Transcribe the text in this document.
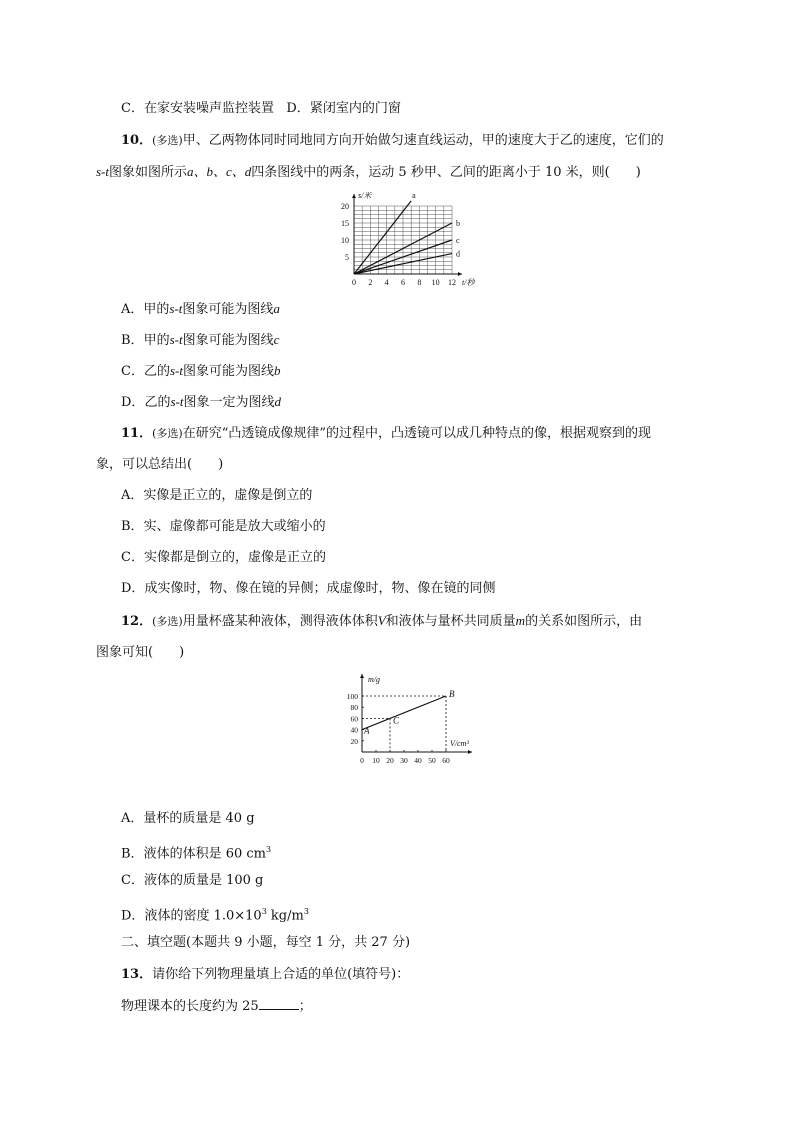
C．在家安装噪声监控装置 D．紧闭室内的门窗
10．(多选)甲、乙两物体同时同地同方向开始做匀速直线运动，甲的速度大于乙的速度，它们的
s-t图象如图所示a、b、c、d四条图线中的两条，运动 5 秒甲、乙间的距离小于 10 米，则(　　)
a
b
c
d
0 2 4 6 8 10 12
5
10
15
20
t/秒
s/米
A．甲的s-t图象可能为图线a
B．甲的s-t图象可能为图线c
C．乙的s-t图象可能为图线b
D．乙的s-t图象一定为图线d
11．(多选)在研究“凸透镜成像规律”的过程中，凸透镜可以成几种特点的像，根据观察到的现
象，可以总结出(　　)
A．实像是正立的，虚像是倒立的
B．实、虚像都可能是放大或缩小的
C．实像都是倒立的，虚像是正立的
D．成实像时，物、像在镜的异侧；成虚像时，物、像在镜的同侧
12．(多选)用量杯盛某种液体，测得液体体积V和液体与量杯共同质量m的关系如图所示，由
图象可知(　　)
0 10 20 30 40 50 60
20
40
60
80
100
A
C
B
m/g
V/cm³
A．量杯的质量是 40 g
B．液体的体积是 60 $cm^3$
C．液体的质量是 100 g
D．液体的密度 $1.0\times 10^3$ $kg/m^3$
二、填空题(本题共 9 小题，每空 1 分，共 27 分)
13．请你给下列物理量填上合适的单位(填符号)：
物理课本的长度约为 25	；
